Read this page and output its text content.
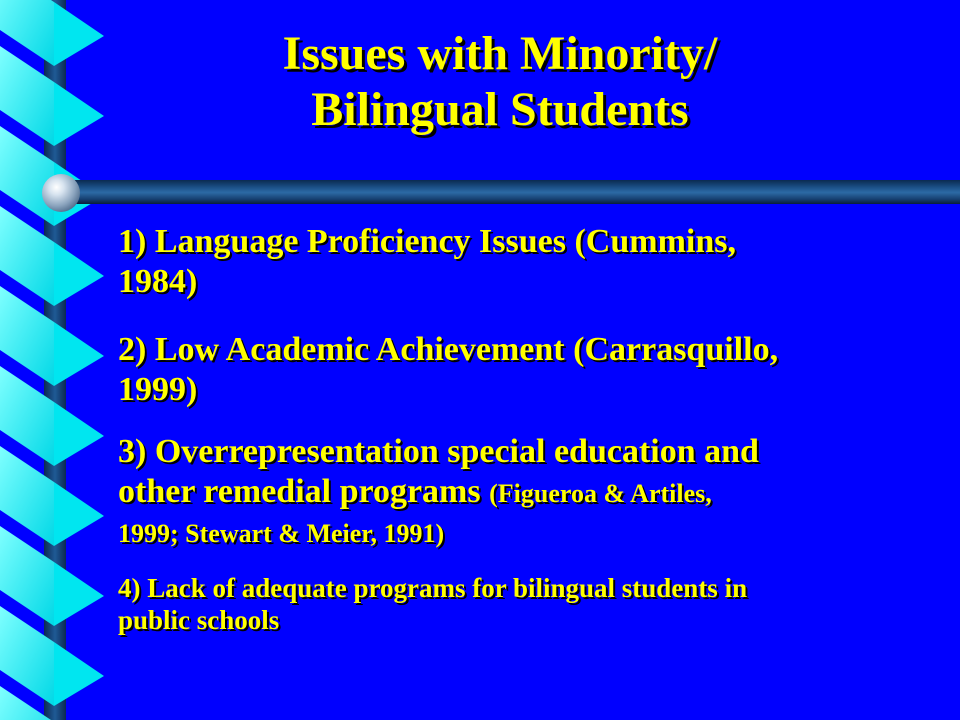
Issues with Minority/
Bilingual Students
1) Language Proficiency Issues (Cummins,
1984)
2) Low Academic Achievement (Carrasquillo,
1999)
3) Overrepresentation special education and
other remedial programs (Figueroa & Artiles,
1999; Stewart & Meier, 1991)
4) Lack of adequate programs for bilingual students in
public schools
